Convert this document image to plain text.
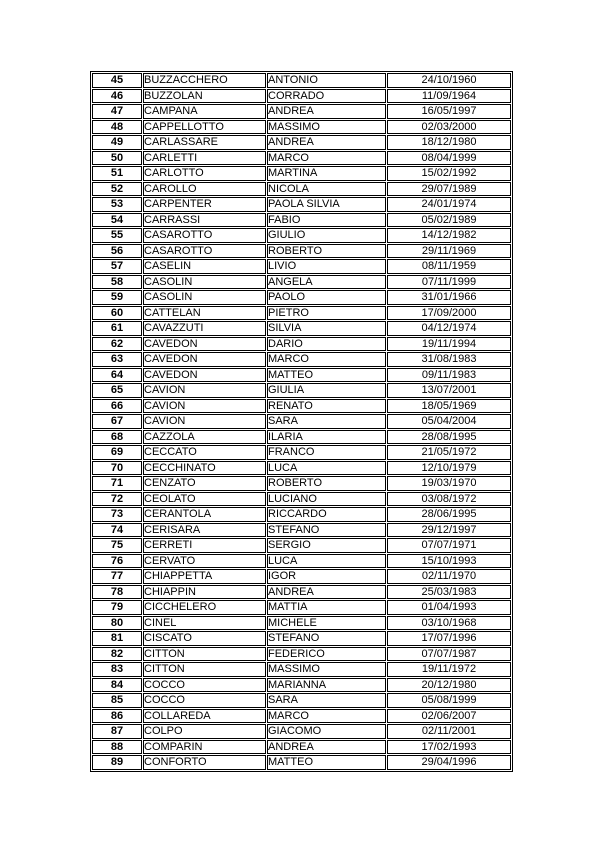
45	BUZZACCHERO	ANTONIO	24/10/1960
46	BUZZOLAN	CORRADO	11/09/1964
47	CAMPANA	ANDREA	16/05/1997
48	CAPPELLOTTO	MASSIMO	02/03/2000
49	CARLASSARE	ANDREA	18/12/1980
50	CARLETTI	MARCO	08/04/1999
51	CARLOTTO	MARTINA	15/02/1992
52	CAROLLO	NICOLA	29/07/1989
53	CARPENTER	PAOLA SILVIA	24/01/1974
54	CARRASSI	FABIO	05/02/1989
55	CASAROTTO	GIULIO	14/12/1982
56	CASAROTTO	ROBERTO	29/11/1969
57	CASELIN	LIVIO	08/11/1959
58	CASOLIN	ANGELA	07/11/1999
59	CASOLIN	PAOLO	31/01/1966
60	CATTELAN	PIETRO	17/09/2000
61	CAVAZZUTI	SILVIA	04/12/1974
62	CAVEDON	DARIO	19/11/1994
63	CAVEDON	MARCO	31/08/1983
64	CAVEDON	MATTEO	09/11/1983
65	CAVION	GIULIA	13/07/2001
66	CAVION	RENATO	18/05/1969
67	CAVION	SARA	05/04/2004
68	CAZZOLA	ILARIA	28/08/1995
69	CECCATO	FRANCO	21/05/1972
70	CECCHINATO	LUCA	12/10/1979
71	CENZATO	ROBERTO	19/03/1970
72	CEOLATO	LUCIANO	03/08/1972
73	CERANTOLA	RICCARDO	28/06/1995
74	CERISARA	STEFANO	29/12/1997
75	CERRETI	SERGIO	07/07/1971
76	CERVATO	LUCA	15/10/1993
77	CHIAPPETTA	IGOR	02/11/1970
78	CHIAPPIN	ANDREA	25/03/1983
79	CICCHELERO	MATTIA	01/04/1993
80	CINEL	MICHELE	03/10/1968
81	CISCATO	STEFANO	17/07/1996
82	CITTON	FEDERICO	07/07/1987
83	CITTON	MASSIMO	19/11/1972
84	COCCO	MARIANNA	20/12/1980
85	COCCO	SARA	05/08/1999
86	COLLAREDA	MARCO	02/06/2007
87	COLPO	GIACOMO	02/11/2001
88	COMPARIN	ANDREA	17/02/1993
89	CONFORTO	MATTEO	29/04/1996
